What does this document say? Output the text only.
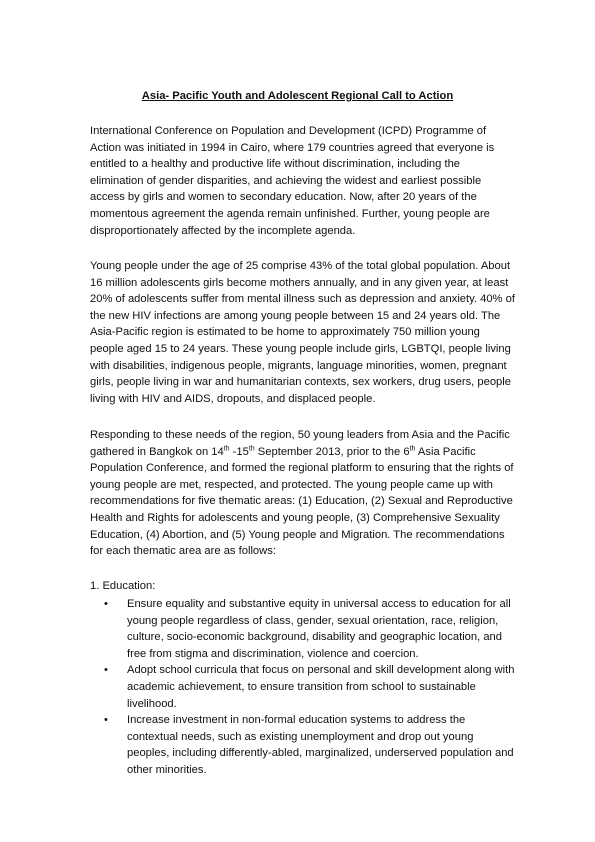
Asia- Pacific Youth and Adolescent Regional Call to Action

International Conference on Population and Development (ICPD) Programme of Action was initiated in 1994 in Cairo, where 179 countries agreed that everyone is entitled to a healthy and productive life without discrimination, including the elimination of gender disparities, and achieving the widest and earliest possible access by girls and women to secondary education. Now, after 20 years of the momentous agreement the agenda remain unfinished. Further, young people are disproportionately affected by the incomplete agenda.

Young people under the age of 25 comprise 43% of the total global population. About 16 million adolescents girls become mothers annually, and in any given year, at least 20% of adolescents suffer from mental illness such as depression and anxiety. 40% of the new HIV infections are among young people between 15 and 24 years old. The Asia-Pacific region is estimated to be home to approximately 750 million young people aged 15 to 24 years. These young people include girls, LGBTQI, people living with disabilities, indigenous people, migrants, language minorities, women, pregnant girls, people living in war and humanitarian contexts, sex workers, drug users, people living with HIV and AIDS, dropouts, and displaced people.

Responding to these needs of the region, 50 young leaders from Asia and the Pacific gathered in Bangkok on 14th -15th September 2013, prior to the 6th Asia Pacific Population Conference, and formed the regional platform to ensuring that the rights of young people are met, respected, and protected. The young people came up with recommendations for five thematic areas: (1) Education, (2) Sexual and Reproductive Health and Rights for adolescents and young people, (3) Comprehensive Sexuality Education, (4) Abortion, and (5) Young people and Migration. The recommendations for each thematic area are as follows:

1. Education:

• Ensure equality and substantive equity in universal access to education for all young people regardless of class, gender, sexual orientation, race, religion, culture, socio-economic background, disability and geographic location, and free from stigma and discrimination, violence and coercion.
• Adopt school curricula that focus on personal and skill development along with academic achievement, to ensure transition from school to sustainable livelihood.
• Increase investment in non-formal education systems to address the contextual needs, such as existing unemployment and drop out young peoples, including differently-abled, marginalized, underserved population and other minorities.
